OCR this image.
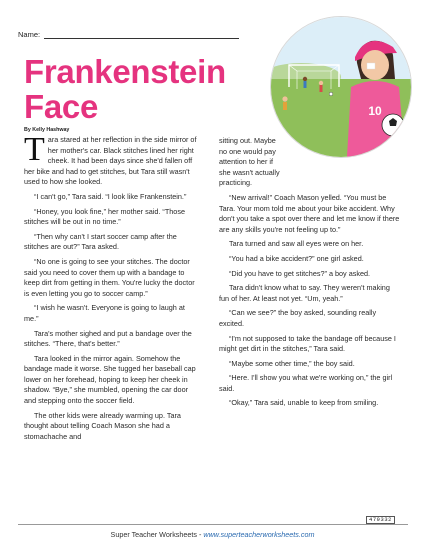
Name:
Frankenstein
Face
By Kelly Hashway
10

Tara stared at her reflection in the side mirror of her mother's car. Black stitches lined her right cheek. It had been days since she'd fallen off her bike and had to get stitches, but Tara still wasn't used to how she looked.

“I can't go,” Tara said. “I look like Frankenstein.”

“Honey, you look fine,” her mother said. “Those stitches will be out in no time.”

“Then why can't I start soccer camp after the stitches are out?” Tara asked.

“No one is going to see your stitches. The doctor said you need to cover them up with a bandage to keep dirt from getting in them. You're lucky the doctor is even letting you go to soccer camp.”

“I wish he wasn't. Everyone is going to laugh at me.”

Tara's mother sighed and put a bandage over the stitches. “There, that's better.”

Tara looked in the mirror again. Somehow the bandage made it worse. She tugged her baseball cap lower on her forehead, hoping to keep her cheek in shadow. “Bye,” she mumbled, opening the car door and stepping onto the soccer field.

The other kids were already warming up. Tara thought about telling Coach Mason she had a stomachache and

sitting out. Maybe no one would pay attention to her if she wasn't actually practicing.

“New arrival!” Coach Mason yelled. “You must be Tara. Your mom told me about your bike accident. Why don't you take a spot over there and let me know if there are any skills you're not feeling up to.”

Tara turned and saw all eyes were on her.

“You had a bike accident?” one girl asked.

“Did you have to get stitches?” a boy asked.

Tara didn't know what to say. They weren't making fun of her. At least not yet. “Um, yeah.”

“Can we see?” the boy asked, sounding really excited.

“I'm not supposed to take the bandage off because I might get dirt in the stitches,” Tara said.

“Maybe some other time,” the boy said.

“Here. I'll show you what we're working on,” the girl said.

“Okay,” Tara said, unable to keep from smiling.

479332
Super Teacher Worksheets - www.superteacherworksheets.com
